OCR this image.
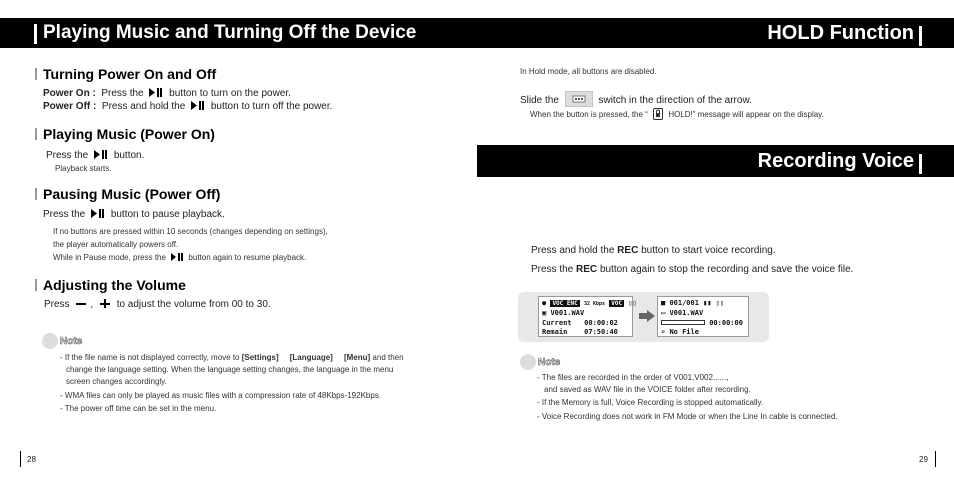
Playing Music and Turning Off the Device
Turning Power On and Off
Power On : Press the	button to turn on the power.
Power Off : Press and hold the	button to turn off the power.
Playing Music (Power On)
Press the	button.
Playback starts.
Pausing Music (Power Off)
Press the	button to pause playback.
If no buttons are pressed within 10 seconds (changes depending on settings),
the player automatically powers off.
While in Pause mode, press the	button again to resume playback.
Adjusting the Volume
Press ,  to adjust the volume from 00 to 30.
Note
- If the file name is not displayed correctly, move to [Settings] [Language] [Menu] and then
change the language setting. When the language setting changes, the language in the menu
screen changes accordingly.
- WMA files can only be played as music files with a compression rate of 48Kbps-192Kbps.
- The power off time can be set in the menu.
28
HOLD Function
In Hold mode, all buttons are disabled.
Slide the	switch in the direction of the arrow.
When the button is pressed, the “	HOLD!” message will appear on the display.
Recording Voice
Press and hold the REC button to start voice recording.
Press the REC button again to stop the recording and save the voice file.
● VOC ENC 32 Kbps VOC ▯▯
▣ V001.WAV
Current 00:00:02
Remain 07:50:40
■ 001/001 ▮▮ ▯▯
▭ V001.WAV
00:00:00
⌕ No File
Note
- The files are recorded in the order of V001,V002......,
and saved as WAV file in the VOICE folder after recording.
- If the Memory is full, Voice Recording is stopped automatically.
- Voice Recording does not work in FM Mode or when the Line In cable is connected.
29
